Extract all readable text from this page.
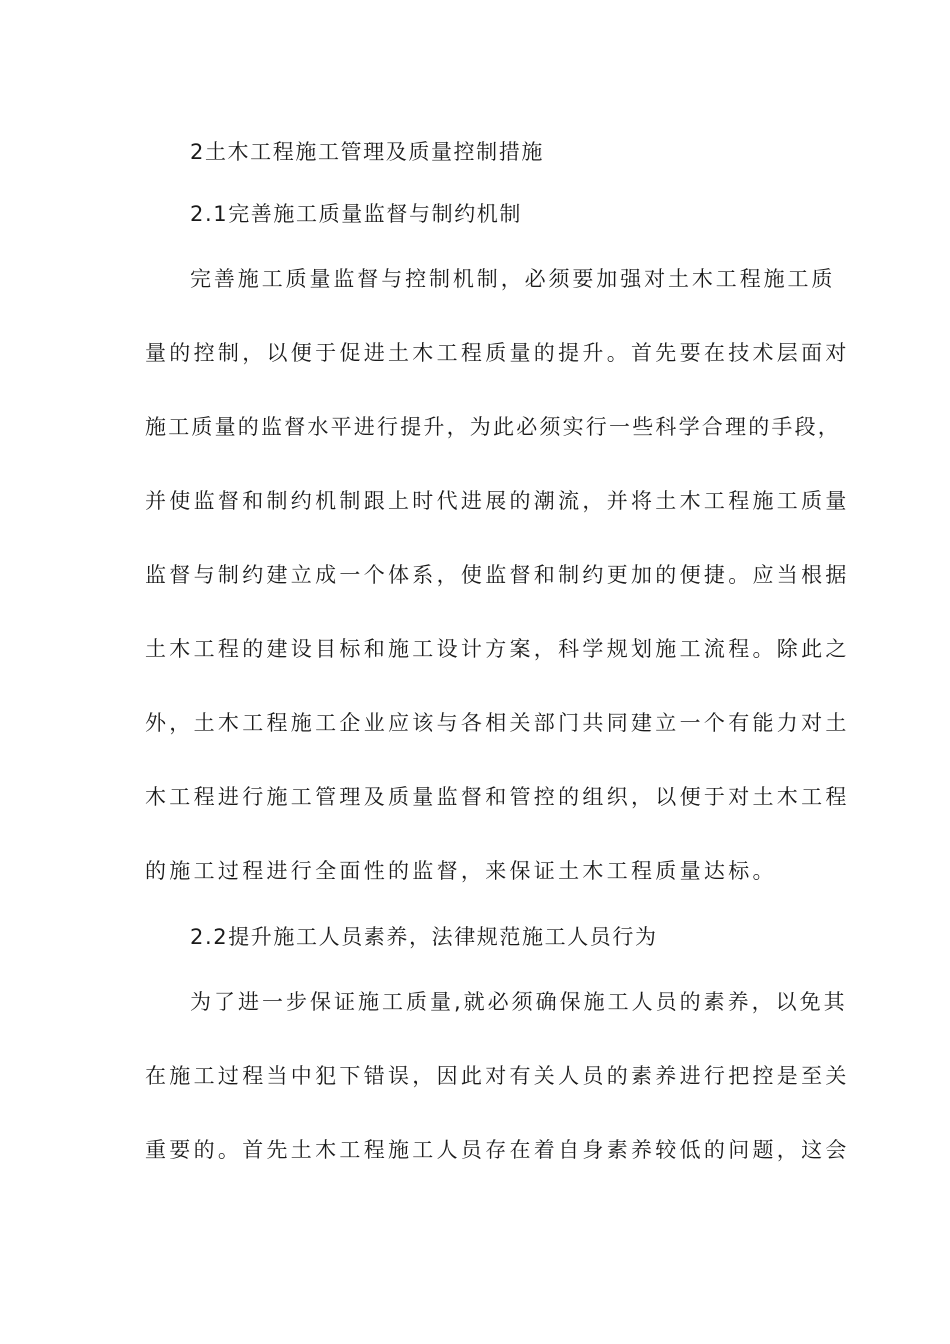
2土木工程施工管理及质量控制措施
2.1完善施工质量监督与制约机制
完善施工质量监督与控制机制，必须要加强对土木工程施工质
量的控制，以便于促进土木工程质量的提升。首先要在技术层面对
施工质量的监督水平进行提升，为此必须实行一些科学合理的手段，
并使监督和制约机制跟上时代进展的潮流，并将土木工程施工质量
监督与制约建立成一个体系，使监督和制约更加的便捷。应当根据
土木工程的建设目标和施工设计方案，科学规划施工流程。除此之
外，土木工程施工企业应该与各相关部门共同建立一个有能力对土
木工程进行施工管理及质量监督和管控的组织，以便于对土木工程
的施工过程进行全面性的监督，来保证土木工程质量达标。
2.2提升施工人员素养，法律规范施工人员行为
为了进一步保证施工质量,就必须确保施工人员的素养，以免其
在施工过程当中犯下错误，因此对有关人员的素养进行把控是至关
重要的。首先土木工程施工人员存在着自身素养较低的问题，这会
